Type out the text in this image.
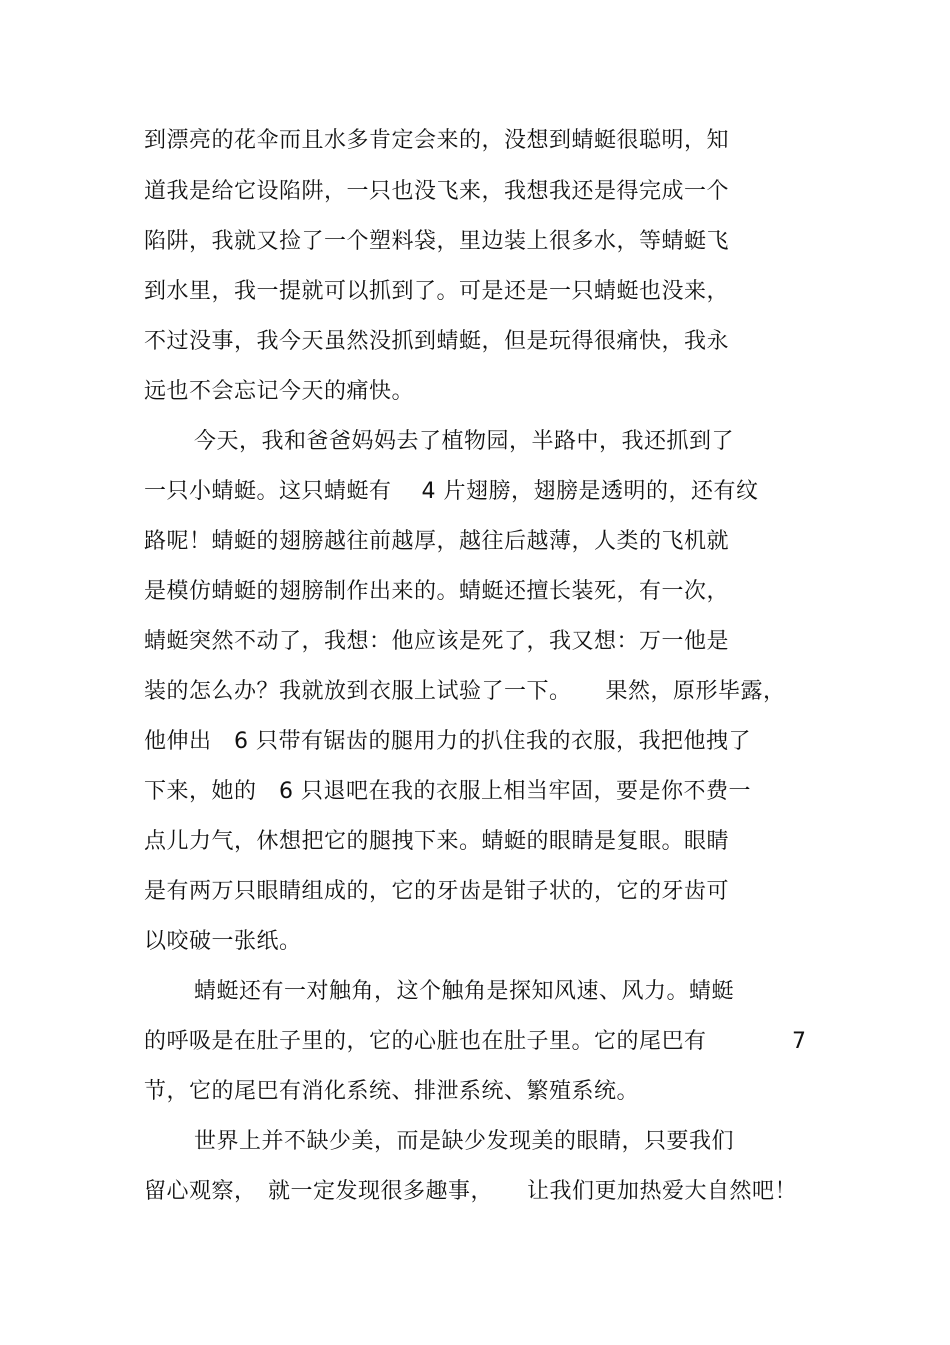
到漂亮的花伞而且水多肯定会来的，没想到蜻蜓很聪明，知
道我是给它设陷阱，一只也没飞来，我想我还是得完成一个
陷阱，我就又捡了一个塑料袋，里边装上很多水，等蜻蜓飞
到水里，我一提就可以抓到了。可是还是一只蜻蜓也没来，
不过没事，我今天虽然没抓到蜻蜓，但是玩得很痛快，我永
远也不会忘记今天的痛快。
今天，我和爸爸妈妈去了植物园，半路中，我还抓到了
一只小蜻蜓。这只蜻蜓有　 4 片翅膀，翅膀是透明的，还有纹
路呢！蜻蜓的翅膀越往前越厚，越往后越薄，人类的飞机就
是模仿蜻蜓的翅膀制作出来的。蜻蜓还擅长装死，有一次，
蜻蜓突然不动了，我想：他应该是死了，我又想：万一他是
装的怎么办？我就放到衣服上试验了一下。　　果然，原形毕露，
他伸出　6 只带有锯齿的腿用力的扒住我的衣服，我把他拽了
下来，她的　6 只退吧在我的衣服上相当牢固，要是你不费一
点儿力气，休想把它的腿拽下来。蜻蜓的眼睛是复眼。眼睛
是有两万只眼睛组成的，它的牙齿是钳子状的，它的牙齿可
以咬破一张纸。
蜻蜓还有一对触角，这个触角是探知风速、风力。蜻蜓
的呼吸是在肚子里的，它的心脏也在肚子里。它的尾巴有	7
节，它的尾巴有消化系统、排泄系统、繁殖系统。
世界上并不缺少美，而是缺少发现美的眼睛，只要我们
留心观察，　就一定发现很多趣事，　　让我们更加热爱大自然吧！
